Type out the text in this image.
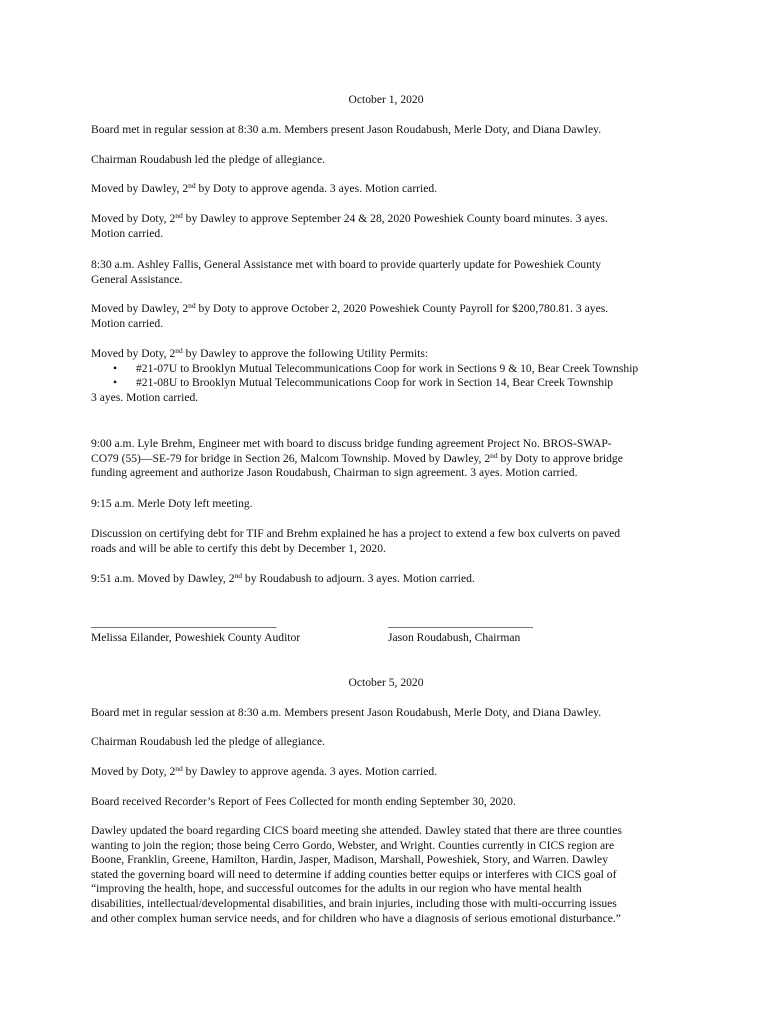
October 1, 2020

Board met in regular session at 8:30 a.m. Members present Jason Roudabush, Merle Doty, and Diana Dawley.

Chairman Roudabush led the pledge of allegiance.

Moved by Dawley, 2nd by Doty to approve agenda. 3 ayes. Motion carried.

Moved by Doty, 2nd by Dawley to approve September 24 & 28, 2020 Poweshiek County board minutes. 3 ayes.
Motion carried.

8:30 a.m. Ashley Fallis, General Assistance met with board to provide quarterly update for Poweshiek County
General Assistance.

Moved by Dawley, 2nd by Doty to approve October 2, 2020 Poweshiek County Payroll for $200,780.81. 3 ayes.
Motion carried.

Moved by Doty, 2nd by Dawley to approve the following Utility Permits:
• #21-07U to Brooklyn Mutual Telecommunications Coop for work in Sections 9 & 10, Bear Creek Township
• #21-08U to Brooklyn Mutual Telecommunications Coop for work in Section 14, Bear Creek Township
3 ayes. Motion carried.

9:00 a.m. Lyle Brehm, Engineer met with board to discuss bridge funding agreement Project No. BROS-SWAP-
CO79 (55)—SE-79 for bridge in Section 26, Malcom Township. Moved by Dawley, 2nd by Doty to approve bridge
funding agreement and authorize Jason Roudabush, Chairman to sign agreement. 3 ayes. Motion carried.

9:15 a.m. Merle Doty left meeting.

Discussion on certifying debt for TIF and Brehm explained he has a project to extend a few box culverts on paved
roads and will be able to certify this debt by December 1, 2020.

9:51 a.m. Moved by Dawley, 2nd by Roudabush to adjourn. 3 ayes. Motion carried.

________________________________	_________________________
Melissa Eilander, Poweshiek County Auditor	Jason Roudabush, Chairman

October 5, 2020

Board met in regular session at 8:30 a.m. Members present Jason Roudabush, Merle Doty, and Diana Dawley.

Chairman Roudabush led the pledge of allegiance.

Moved by Doty, 2nd by Dawley to approve agenda. 3 ayes. Motion carried.

Board received Recorder’s Report of Fees Collected for month ending September 30, 2020.

Dawley updated the board regarding CICS board meeting she attended. Dawley stated that there are three counties
wanting to join the region; those being Cerro Gordo, Webster, and Wright. Counties currently in CICS region are
Boone, Franklin, Greene, Hamilton, Hardin, Jasper, Madison, Marshall, Poweshiek, Story, and Warren. Dawley
stated the governing board will need to determine if adding counties better equips or interferes with CICS goal of
“improving the health, hope, and successful outcomes for the adults in our region who have mental health
disabilities, intellectual/developmental disabilities, and brain injuries, including those with multi-occurring issues
and other complex human service needs, and for children who have a diagnosis of serious emotional disturbance.”
